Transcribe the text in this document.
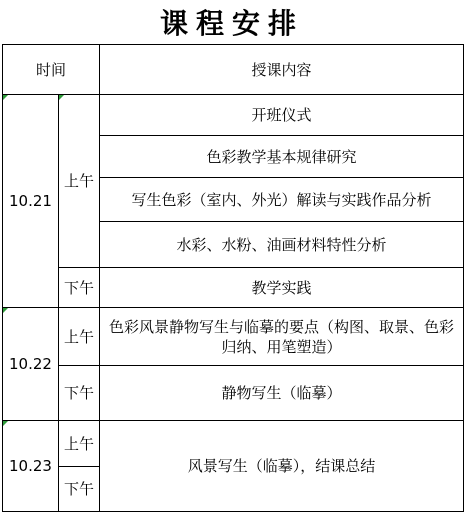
课程安排
时间		授课内容
10.21	上午	开班仪式
		色彩教学基本规律研究
		写生色彩（室内、外光）解读与实践作品分析
		水彩、水粉、油画材料特性分析
	下午	教学实践
10.22	上午	色彩风景静物写生与临摹的要点（构图、取景、色彩归纳、用笔塑造）
	下午	静物写生（临摹）
10.23	上午	风景写生（临摹），结课总结
	下午	
